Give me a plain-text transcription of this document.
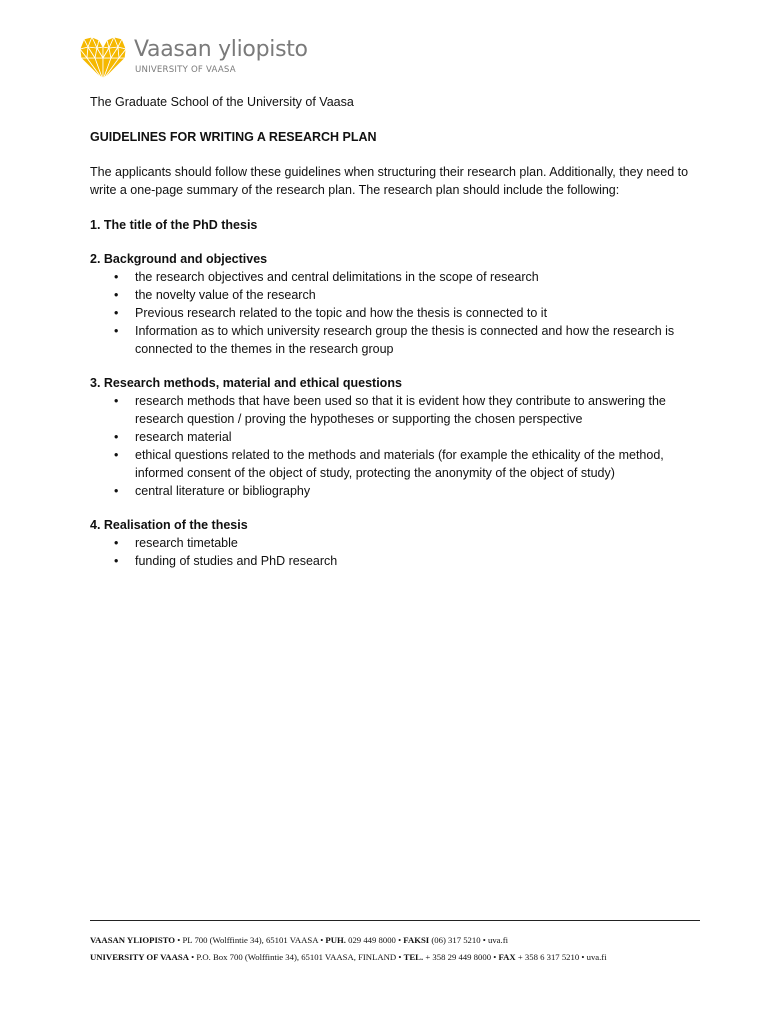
Vaasan yliopisto
UNIVERSITY OF VAASA

The Graduate School of the University of Vaasa

GUIDELINES FOR WRITING A RESEARCH PLAN

The applicants should follow these guidelines when structuring their research plan. Additionally, they need to write a one-page summary of the research plan. The research plan should include the following:

1. The title of the PhD thesis
2. Background and objectives
• the research objectives and central delimitations in the scope of research
• the novelty value of the research
• Previous research related to the topic and how the thesis is connected to it
• Information as to which university research group the thesis is connected and how the research is connected to the themes in the research group
3. Research methods, material and ethical questions
• research methods that have been used so that it is evident how they contribute to answering the research question / proving the hypotheses or supporting the chosen perspective
• research material
• ethical questions related to the methods and materials (for example the ethicality of the method, informed consent of the object of study, protecting the anonymity of the object of study)
• central literature or bibliography
4. Realisation of the thesis
• research timetable
• funding of studies and PhD research
VAASAN YLIOPISTO • PL 700 (Wolffintie 34), 65101 VAASA • PUH. 029 449 8000 • FAKSI (06) 317 5210 • uva.fi
UNIVERSITY OF VAASA • P.O. Box 700 (Wolffintie 34), 65101 VAASA, FINLAND • TEL. + 358 29 449 8000 • FAX + 358 6 317 5210 • uva.fi
